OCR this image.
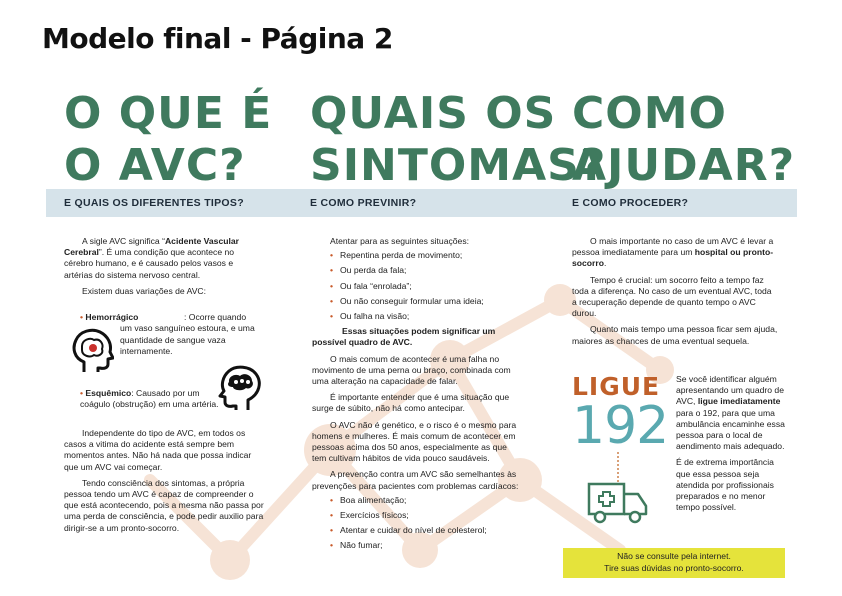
Modelo final - Página 2
O QUE É
O AVC?
QUAIS OS
SINTOMAS?
COMO
AJUDAR?
E QUAIS OS DIFERENTES TIPOS?	E COMO PREVINIR?	E COMO PROCEDER?

A sigle AVC significa “Acidente Vascular Cerebral”. É uma condição que acontece no cérebro humano, e é causado pelos vasos e artérias do sistema nervoso central.

Existem duas variações de AVC:

• Hemorrágico	: Ocorre quando um vaso sanguíneo estoura, e uma quantidade de sangue vaza internamente.
• Esquêmico: Causado por um coágulo (obstrução) em uma artéria.

Independente do tipo de AVC, em todos os casos a vitima do acidente está sempre bem momentos antes. Não há nada que possa indicar que um AVC vai começar.

Tendo consciência dos sintomas, a própria pessoa tendo um AVC é capaz de compreender o que está acontecendo, pois a mesma não passa por uma perda de consciência, e pode pedir auxilio para dirigir-se a um pronto-socorro.

Atentar para as seguintes situações:

• Repentina perda de movimento;
• Ou perda da fala;
• Ou fala “enrolada”;
• Ou não conseguir formular uma ideia;
• Ou falha na visão;

Essas situações podem significar um possível quadro de AVC.

O mais comum de acontecer é uma falha no movimento de uma perna ou braço, combinada com uma alteração na capacidade de falar.

É importante entender que é uma situação que surge de súbito, não há como antecipar.

O AVC não é genético, e o risco é o mesmo para homens e mulheres. É mais comum de acontecer em pessoas acima dos 50 anos, especialmente as que tem cultivam hábitos de vida pouco saudáveis.

A prevenção contra um AVC são semelhantes às prevenções para pacientes com problemas cardíacos:

• Boa alimentação;
• Exercícios físicos;
• Atentar e cuidar do nível de colesterol;
• Não fumar;

O mais importante no caso de um AVC é levar a pessoa imediatamente para um hospital ou pronto-socorro.

Tempo é crucial: um socorro feito a tempo faz toda a diferença. No caso de um eventual AVC, toda a recuperação depende de quanto tempo o AVC durou.

Quanto mais tempo uma pessoa ficar sem ajuda, maiores as chances de uma eventual sequela.

LIGUE
192

Se você identificar alguém apresentando um quadro de AVC, ligue imediatamente para o 192, para que uma ambulância encaminhe essa pessoa para o local de aendimento mais adequado.

É de extrema importância que essa pessoa seja atendida por profissionais preparados e no menor tempo possível.

Não se consulte pela internet.
Tire suas dúvidas no pronto-socorro.
